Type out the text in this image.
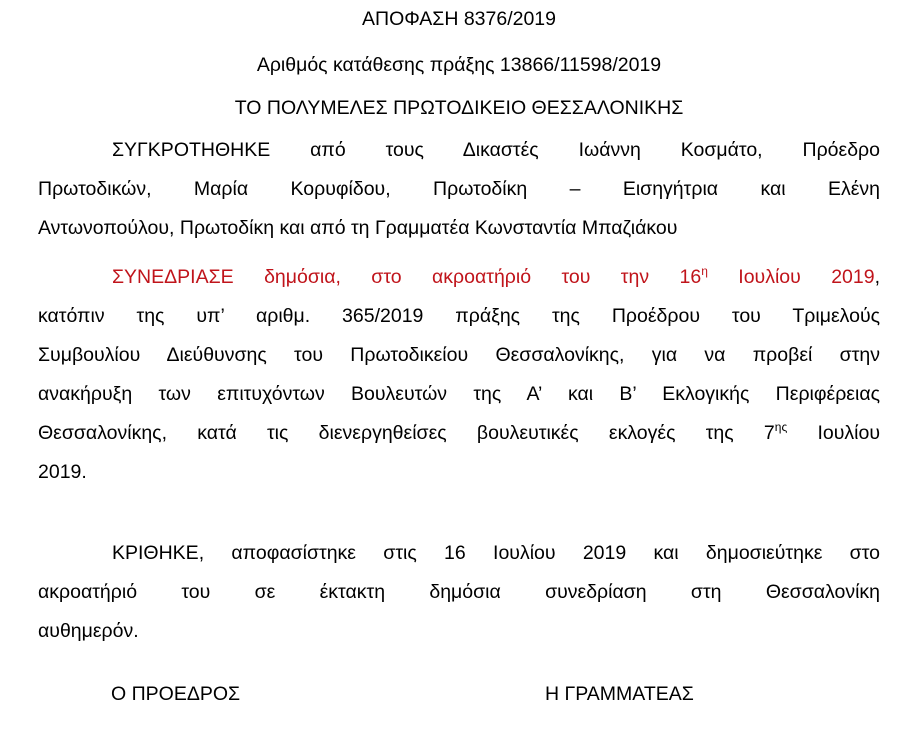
ΑΠΟΦΑΣΗ 8376/2019
Αριθμός κατάθεσης πράξης 13866/11598/2019
ΤΟ ΠΟΛΥΜΕΛΕΣ ΠΡΩΤΟΔΙΚΕΙΟ ΘΕΣΣΑΛΟΝΙΚΗΣ
ΣΥΓΚΡΟΤΗΘΗΚΕ από τους Δικαστές Ιωάννη Κοσμάτο, Πρόεδρο
Πρωτοδικών, Μαρία Κορυφίδου, Πρωτοδίκη – Εισηγήτρια και Ελένη
Αντωνοπούλου, Πρωτοδίκη και από τη Γραμματέα Κωνσταντία Μπαζιάκου
ΣΥΝΕΔΡΙΑΣΕ δημόσια, στο ακροατήριό του την $16^\eta$ Ιουλίου 2019,
κατόπιν της υπ’ αριθμ. 365/2019 πράξης της Προέδρου του Τριμελούς
Συμβουλίου Διεύθυνσης του Πρωτοδικείου Θεσσαλονίκης, για να προβεί στην
ανακήρυξη των επιτυχόντων Βουλευτών της Α’ και Β’ Εκλογικής Περιφέρειας
Θεσσαλονίκης, κατά τις διενεργηθείσες βουλευτικές εκλογές της $7^{\eta\varsigma}$ Ιουλίου
2019.
ΚΡΙΘΗΚΕ, αποφασίστηκε στις 16 Ιουλίου 2019 και δημοσιεύτηκε στο
ακροατήριό του σε έκτακτη δημόσια συνεδρίαση στη Θεσσαλονίκη
αυθημερόν.
Ο ΠΡΟΕΔΡΟΣ	Η ΓΡΑΜΜΑΤΕΑΣ
